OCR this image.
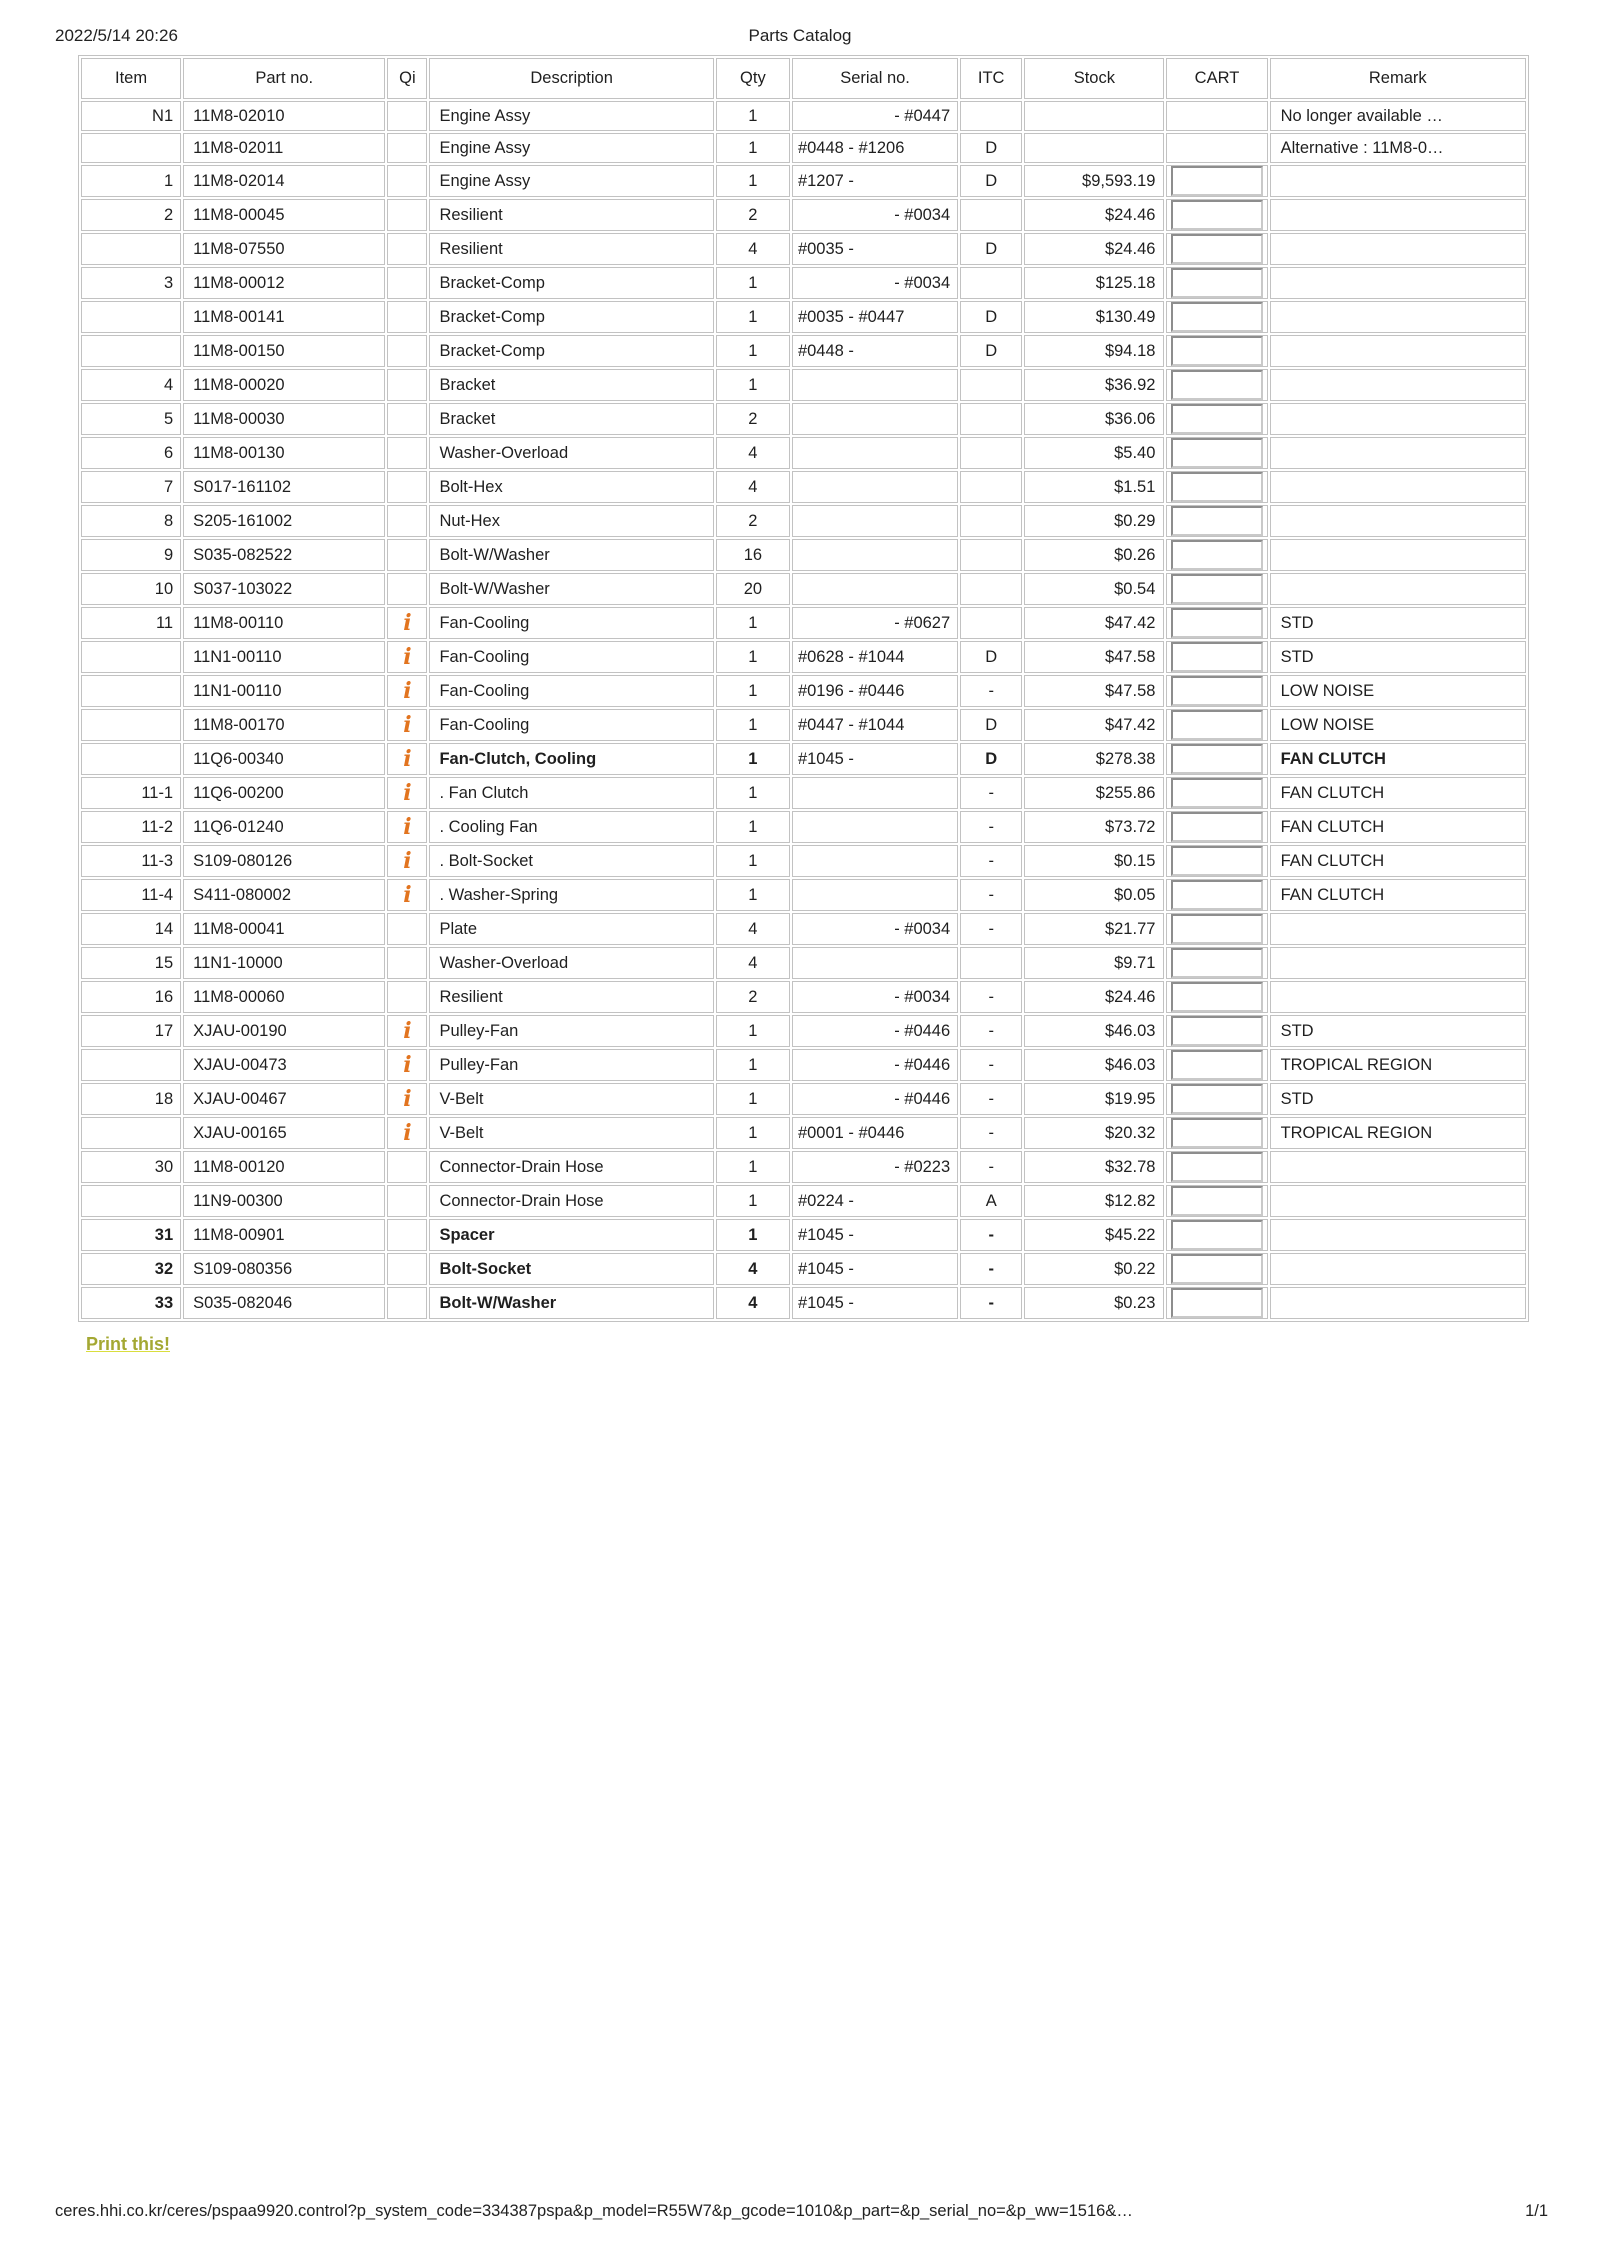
2022/5/14 20:26	Parts Catalog
Item	Part no.	Qi	Description	Qty	Serial no.	ITC	Stock	CART	Remark
N1	11M8-02010		Engine Assy	1	- #0447				No longer available …
	11M8-02011		Engine Assy	1	#0448 - #1206	D			Alternative : 11M8-0…
1	11M8-02014		Engine Assy	1	#1207 -	D	$9,593.19		
2	11M8-00045		Resilient	2	- #0034		$24.46		
	11M8-07550		Resilient	4	#0035 -	D	$24.46		
3	11M8-00012		Bracket-Comp	1	- #0034		$125.18		
	11M8-00141		Bracket-Comp	1	#0035 - #0447	D	$130.49		
	11M8-00150		Bracket-Comp	1	#0448 -	D	$94.18		
4	11M8-00020		Bracket	1			$36.92		
5	11M8-00030		Bracket	2			$36.06		
6	11M8-00130		Washer-Overload	4			$5.40		
7	S017-161102		Bolt-Hex	4			$1.51		
8	S205-161002		Nut-Hex	2			$0.29		
9	S035-082522		Bolt-W/Washer	16			$0.26		
10	S037-103022		Bolt-W/Washer	20			$0.54		
11	11M8-00110	i	Fan-Cooling	1	- #0627		$47.42		STD
	11N1-00110	i	Fan-Cooling	1	#0628 - #1044	D	$47.58		STD
	11N1-00110	i	Fan-Cooling	1	#0196 - #0446	-	$47.58		LOW NOISE
	11M8-00170	i	Fan-Cooling	1	#0447 - #1044	D	$47.42		LOW NOISE
	11Q6-00340	i	Fan-Clutch, Cooling	1	#1045 -	D	$278.38		FAN CLUTCH
11-1	11Q6-00200	i	. Fan Clutch	1		-	$255.86		FAN CLUTCH
11-2	11Q6-01240	i	. Cooling Fan	1		-	$73.72		FAN CLUTCH
11-3	S109-080126	i	. Bolt-Socket	1		-	$0.15		FAN CLUTCH
11-4	S411-080002	i	. Washer-Spring	1		-	$0.05		FAN CLUTCH
14	11M8-00041		Plate	4	- #0034	-	$21.77		
15	11N1-10000		Washer-Overload	4			$9.71		
16	11M8-00060		Resilient	2	- #0034	-	$24.46		
17	XJAU-00190	i	Pulley-Fan	1	- #0446	-	$46.03		STD
	XJAU-00473	i	Pulley-Fan	1	- #0446	-	$46.03		TROPICAL REGION
18	XJAU-00467	i	V-Belt	1	- #0446	-	$19.95		STD
	XJAU-00165	i	V-Belt	1	#0001 - #0446	-	$20.32		TROPICAL REGION
30	11M8-00120		Connector-Drain Hose	1	- #0223	-	$32.78		
	11N9-00300		Connector-Drain Hose	1	#0224 -	A	$12.82		
31	11M8-00901		Spacer	1	#1045 -	-	$45.22		
32	S109-080356		Bolt-Socket	4	#1045 -	-	$0.22		
33	S035-082046		Bolt-W/Washer	4	#1045 -	-	$0.23		
Print this!
ceres.hhi.co.kr/ceres/pspaa9920.control?p_system_code=334387pspa&p_model=R55W7&p_gcode=1010&p_part=&p_serial_no=&p_ww=1516&…	1/1
